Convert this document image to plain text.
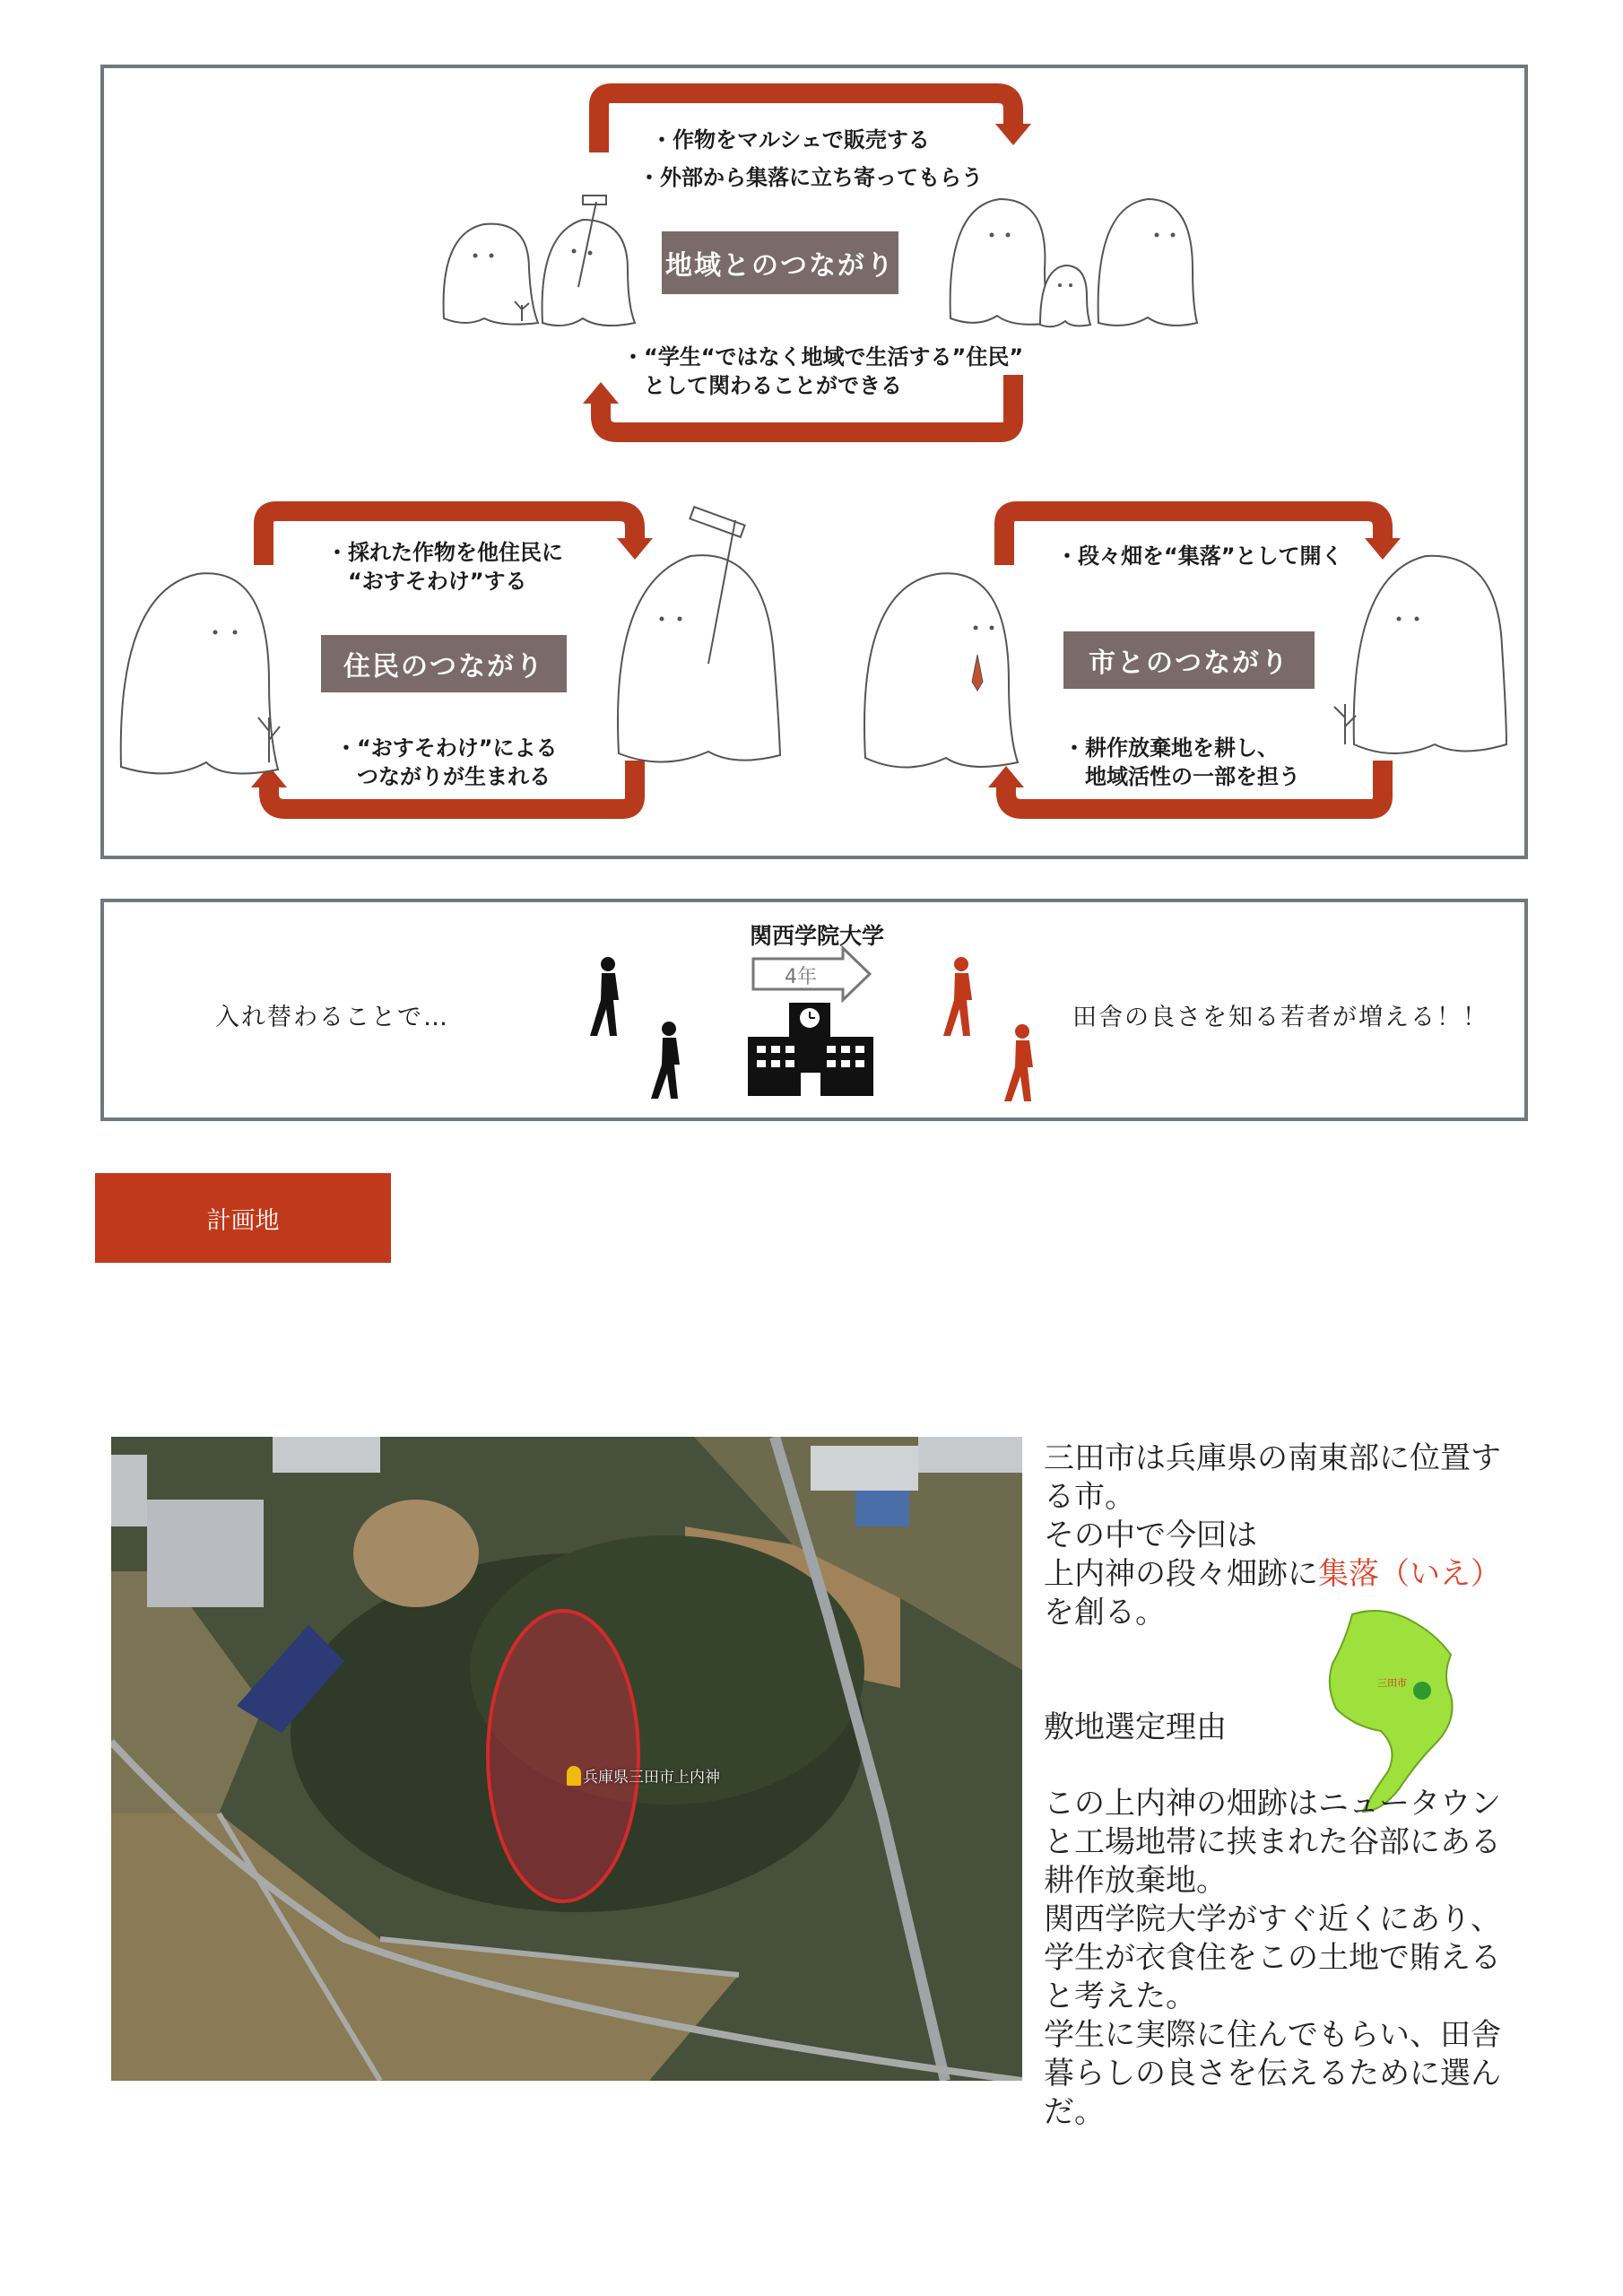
・作物をマルシェで販売する
・外部から集落に立ち寄ってもらう
地域とのつながり
・“学生“ではなく地域で生活する”住民”
　として関わることができる
・採れた作物を他住民に
　“おすそわけ”する
住民のつながり
・“おすそわけ”による
　つながりが生まれる
・段々畑を“集落”として開く
市とのつながり
・耕作放棄地を耕し、
　地域活性の一部を担う
入れ替わることで…
関西学院大学
4年
田舎の良さを知る若者が増える！！
計画地
兵庫県三田市上内神
三田市

三田市は兵庫県の南東部に位置す

る市。

その中で今回は

上内神の段々畑跡に集落（いえ）

を創る。

敷地選定理由

この上内神の畑跡はニュータウン

と工場地帯に挟まれた谷部にある

耕作放棄地。

関西学院大学がすぐ近くにあり、

学生が衣食住をこの土地で賄える

と考えた。

学生に実際に住んでもらい、田舎

暮らしの良さを伝えるために選ん

だ。
